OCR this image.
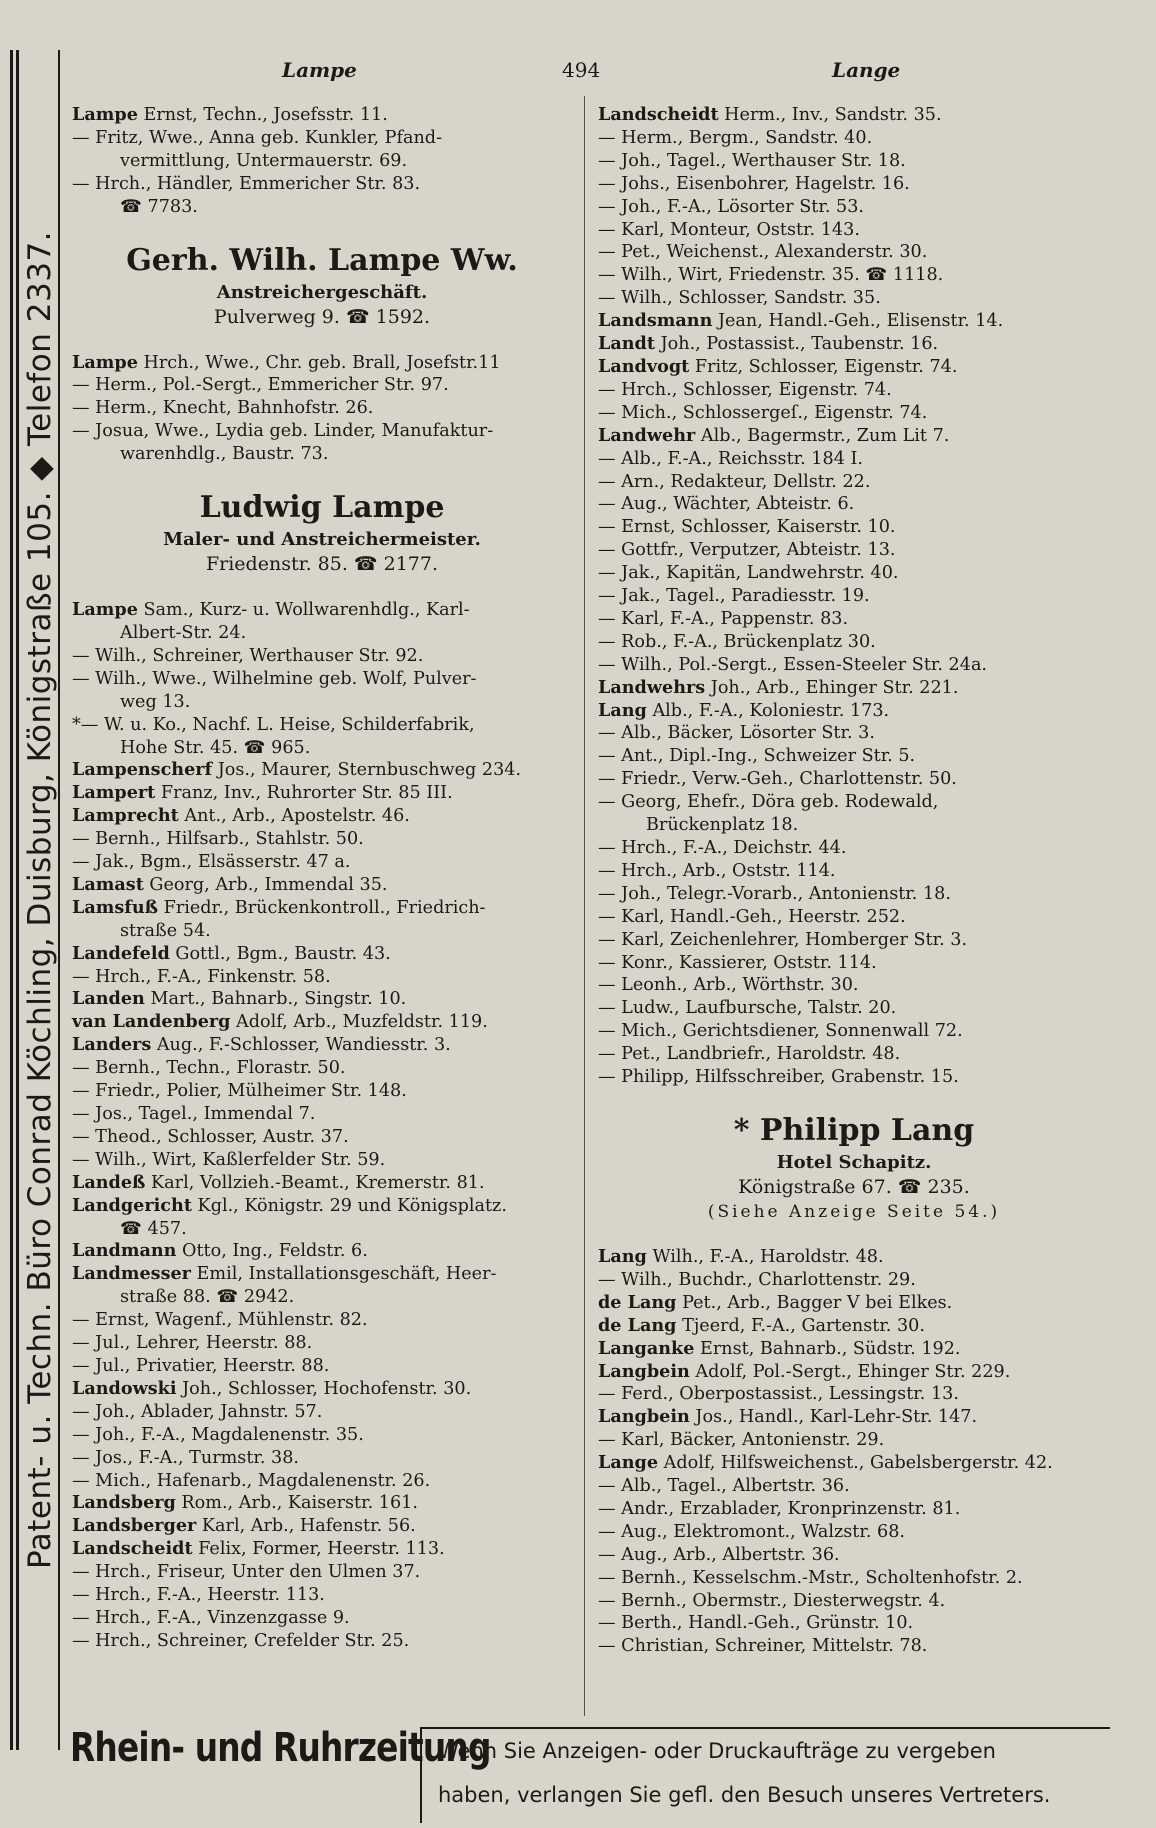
Patent- u. Techn. Büro Conrad Köchling, Duisburg, Königstraße 105. ◆ Telefon 2337.
Lampe	494	Lange
Lampe Ernst, Techn., Josefsstr. 11.
— Fritz, Wwe., Anna geb. Kunkler, Pfand-
vermittlung, Untermauerstr. 69.
— Hrch., Händler, Emmericher Str. 83.
☎ 7783.
Gerh. Wilh. Lampe Ww.
Anstreichergeschäft.
Pulverweg 9. ☎ 1592.
Lampe Hrch., Wwe., Chr. geb. Brall, Josefstr.11
— Herm., Pol.-Sergt., Emmericher Str. 97.
— Herm., Knecht, Bahnhofstr. 26.
— Josua, Wwe., Lydia geb. Linder, Manufaktur-
warenhdlg., Baustr. 73.
Ludwig Lampe
Maler- und Anstreichermeister.
Friedenstr. 85. ☎ 2177.
Lampe Sam., Kurz- u. Wollwarenhdlg., Karl-
Albert-Str. 24.
— Wilh., Schreiner, Werthauser Str. 92.
— Wilh., Wwe., Wilhelmine geb. Wolf, Pulver-
weg 13.
*— W. u. Ko., Nachf. L. Heise, Schilderfabrik,
Hohe Str. 45. ☎ 965.
Lampenscherf Jos., Maurer, Sternbuschweg 234.
Lampert Franz, Inv., Ruhrorter Str. 85 III.
Lamprecht Ant., Arb., Apostelstr. 46.
— Bernh., Hilfsarb., Stahlstr. 50.
— Jak., Bgm., Elsässerstr. 47 a.
Lamast Georg, Arb., Immendal 35.
Lamsfuß Friedr., Brückenkontroll., Friedrich-
straße 54.
Landefeld Gottl., Bgm., Baustr. 43.
— Hrch., F.-A., Finkenstr. 58.
Landen Mart., Bahnarb., Singstr. 10.
van Landenberg Adolf, Arb., Muzfeldstr. 119.
Landers Aug., F.-Schlosser, Wandiesstr. 3.
— Bernh., Techn., Florastr. 50.
— Friedr., Polier, Mülheimer Str. 148.
— Jos., Tagel., Immendal 7.
— Theod., Schlosser, Austr. 37.
— Wilh., Wirt, Kaßlerfelder Str. 59.
Landeß Karl, Vollzieh.-Beamt., Kremerstr. 81.
Landgericht Kgl., Königstr. 29 und Königsplatz.
☎ 457.
Landmann Otto, Ing., Feldstr. 6.
Landmesser Emil, Installationsgeschäft, Heer-
straße 88. ☎ 2942.
— Ernst, Wagenf., Mühlenstr. 82.
— Jul., Lehrer, Heerstr. 88.
— Jul., Privatier, Heerstr. 88.
Landowski Joh., Schlosser, Hochofenstr. 30.
— Joh., Ablader, Jahnstr. 57.
— Joh., F.-A., Magdalenenstr. 35.
— Jos., F.-A., Turmstr. 38.
— Mich., Hafenarb., Magdalenenstr. 26.
Landsberg Rom., Arb., Kaiserstr. 161.
Landsberger Karl, Arb., Hafenstr. 56.
Landscheidt Felix, Former, Heerstr. 113.
— Hrch., Friseur, Unter den Ulmen 37.
— Hrch., F.-A., Heerstr. 113.
— Hrch., F.-A., Vinzenzgasse 9.
— Hrch., Schreiner, Crefelder Str. 25.
Landscheidt Herm., Inv., Sandstr. 35.
— Herm., Bergm., Sandstr. 40.
— Joh., Tagel., Werthauser Str. 18.
— Johs., Eisenbohrer, Hagelstr. 16.
— Joh., F.-A., Lösorter Str. 53.
— Karl, Monteur, Oststr. 143.
— Pet., Weichenst., Alexanderstr. 30.
— Wilh., Wirt, Friedenstr. 35. ☎ 1118.
— Wilh., Schlosser, Sandstr. 35.
Landsmann Jean, Handl.-Geh., Elisenstr. 14.
Landt Joh., Postassist., Taubenstr. 16.
Landvogt Fritz, Schlosser, Eigenstr. 74.
— Hrch., Schlosser, Eigenstr. 74.
— Mich., Schlossergeſ., Eigenstr. 74.
Landwehr Alb., Bagermstr., Zum Lit 7.
— Alb., F.-A., Reichsstr. 184 I.
— Arn., Redakteur, Dellstr. 22.
— Aug., Wächter, Abteistr. 6.
— Ernst, Schlosser, Kaiserstr. 10.
— Gottfr., Verputzer, Abteistr. 13.
— Jak., Kapitän, Landwehrstr. 40.
— Jak., Tagel., Paradiesstr. 19.
— Karl, F.-A., Pappenstr. 83.
— Rob., F.-A., Brückenplatz 30.
— Wilh., Pol.-Sergt., Essen-Steeler Str. 24a.
Landwehrs Joh., Arb., Ehinger Str. 221.
Lang Alb., F.-A., Koloniestr. 173.
— Alb., Bäcker, Lösorter Str. 3.
— Ant., Dipl.-Ing., Schweizer Str. 5.
— Friedr., Verw.-Geh., Charlottenstr. 50.
— Georg, Ehefr., Döra geb. Rodewald,
Brückenplatz 18.
— Hrch., F.-A., Deichstr. 44.
— Hrch., Arb., Oststr. 114.
— Joh., Telegr.-Vorarb., Antonienstr. 18.
— Karl, Handl.-Geh., Heerstr. 252.
— Karl, Zeichenlehrer, Homberger Str. 3.
— Konr., Kassierer, Oststr. 114.
— Leonh., Arb., Wörthstr. 30.
— Ludw., Laufbursche, Talstr. 20.
— Mich., Gerichtsdiener, Sonnenwall 72.
— Pet., Landbriefr., Haroldstr. 48.
— Philipp, Hilfsschreiber, Grabenstr. 15.
* Philipp Lang
Hotel Schapitz.
Königstraße 67. ☎ 235.
(Siehe Anzeige Seite 54.)
Lang Wilh., F.-A., Haroldstr. 48.
— Wilh., Buchdr., Charlottenstr. 29.
de Lang Pet., Arb., Bagger V bei Elkes.
de Lang Tjeerd, F.-A., Gartenstr. 30.
Langanke Ernst, Bahnarb., Südstr. 192.
Langbein Adolf, Pol.-Sergt., Ehinger Str. 229.
— Ferd., Oberpostassist., Lessingstr. 13.
Langbein Jos., Handl., Karl-Lehr-Str. 147.
— Karl, Bäcker, Antonienstr. 29.
Lange Adolf, Hilfsweichenst., Gabelsbergerstr. 42.
— Alb., Tagel., Albertstr. 36.
— Andr., Erzablader, Kronprinzenstr. 81.
— Aug., Elektromont., Walzstr. 68.
— Aug., Arb., Albertstr. 36.
— Bernh., Kesselschm.-Mstr., Scholtenhofstr. 2.
— Bernh., Obermstr., Diesterwegstr. 4.
— Berth., Handl.-Geh., Grünstr. 10.
— Christian, Schreiner, Mittelstr. 78.
Rhein- und Ruhrzeitung
Wenn Sie Anzeigen- oder Druckaufträge zu vergeben
haben, verlangen Sie gefl. den Besuch unseres Vertreters.
